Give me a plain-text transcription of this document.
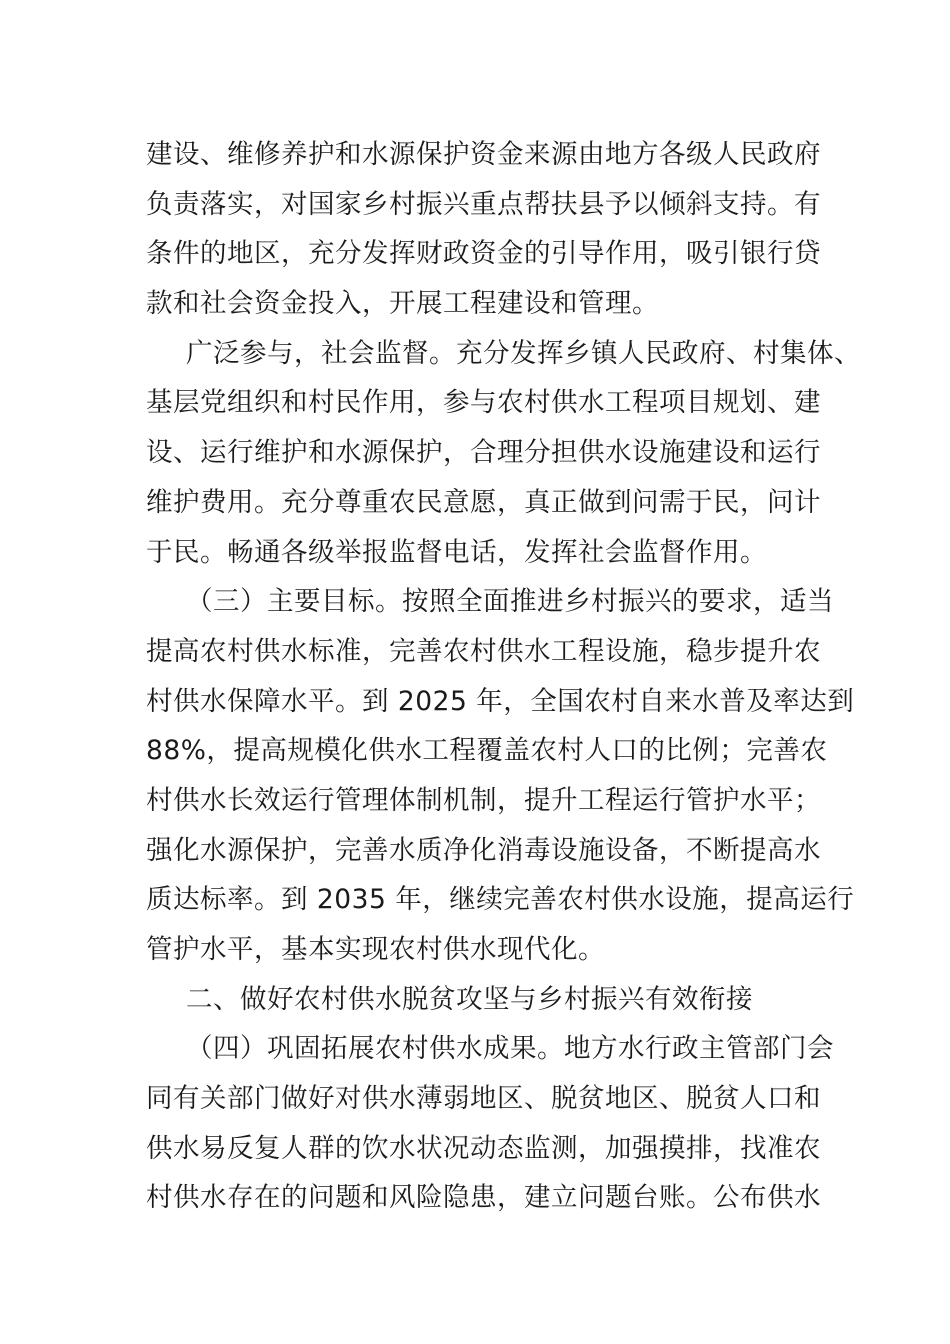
建设、维修养护和水源保护资金来源由地方各级人民政府
负责落实，对国家乡村振兴重点帮扶县予以倾斜支持。有
条件的地区，充分发挥财政资金的引导作用，吸引银行贷
款和社会资金投入，开展工程建设和管理。
广泛参与，社会监督。充分发挥乡镇人民政府、村集体、
基层党组织和村民作用，参与农村供水工程项目规划、建
设、运行维护和水源保护，合理分担供水设施建设和运行
维护费用。充分尊重农民意愿，真正做到问需于民，问计
于民。畅通各级举报监督电话，发挥社会监督作用。
（三）主要目标。按照全面推进乡村振兴的要求，适当
提高农村供水标准，完善农村供水工程设施，稳步提升农
村供水保障水平。到 2025 年，全国农村自来水普及率达到
88%，提高规模化供水工程覆盖农村人口的比例；完善农
村供水长效运行管理体制机制，提升工程运行管护水平；
强化水源保护，完善水质净化消毒设施设备，不断提高水
质达标率。到 2035 年，继续完善农村供水设施，提高运行
管护水平，基本实现农村供水现代化。
二、做好农村供水脱贫攻坚与乡村振兴有效衔接
（四）巩固拓展农村供水成果。地方水行政主管部门会
同有关部门做好对供水薄弱地区、脱贫地区、脱贫人口和
供水易反复人群的饮水状况动态监测，加强摸排，找准农
村供水存在的问题和风险隐患，建立问题台账。公布供水
